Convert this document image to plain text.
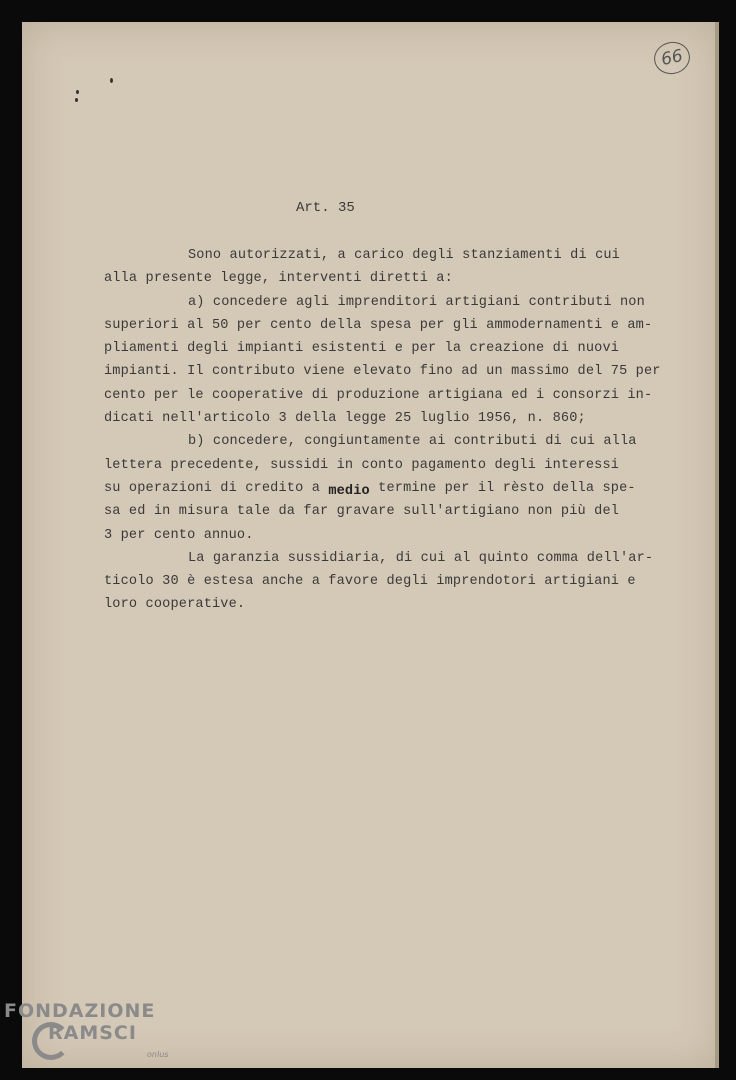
66
Art. 35
Sono autorizzati, a carico degli stanziamenti di cui
alla presente legge, interventi diretti a:
a) concedere agli imprenditori artigiani contributi non
superiori al 50 per cento della spesa per gli ammodernamenti e am-
pliamenti degli impianti esistenti e per la creazione di nuovi
impianti. Il contributo viene elevato fino ad un massimo del 75 per
cento per le cooperative di produzione artigiana ed i consorzi in-
dicati nell'articolo 3 della legge 25 luglio 1956, n. 860;
b) concedere, congiuntamente ai contributi di cui alla
lettera precedente, sussidi in conto pagamento degli interessi
su operazioni di credito a medio termine per il rèsto della spe-
sa ed in misura tale da far gravare sull'artigiano non più del
3 per cento annuo.
La garanzia sussidiaria, di cui al quinto comma dell'ar-
ticolo 30 è estesa anche a favore degli imprendotori artigiani e
loro cooperative.
FONDAZIONE
RAMSCI
onlus
